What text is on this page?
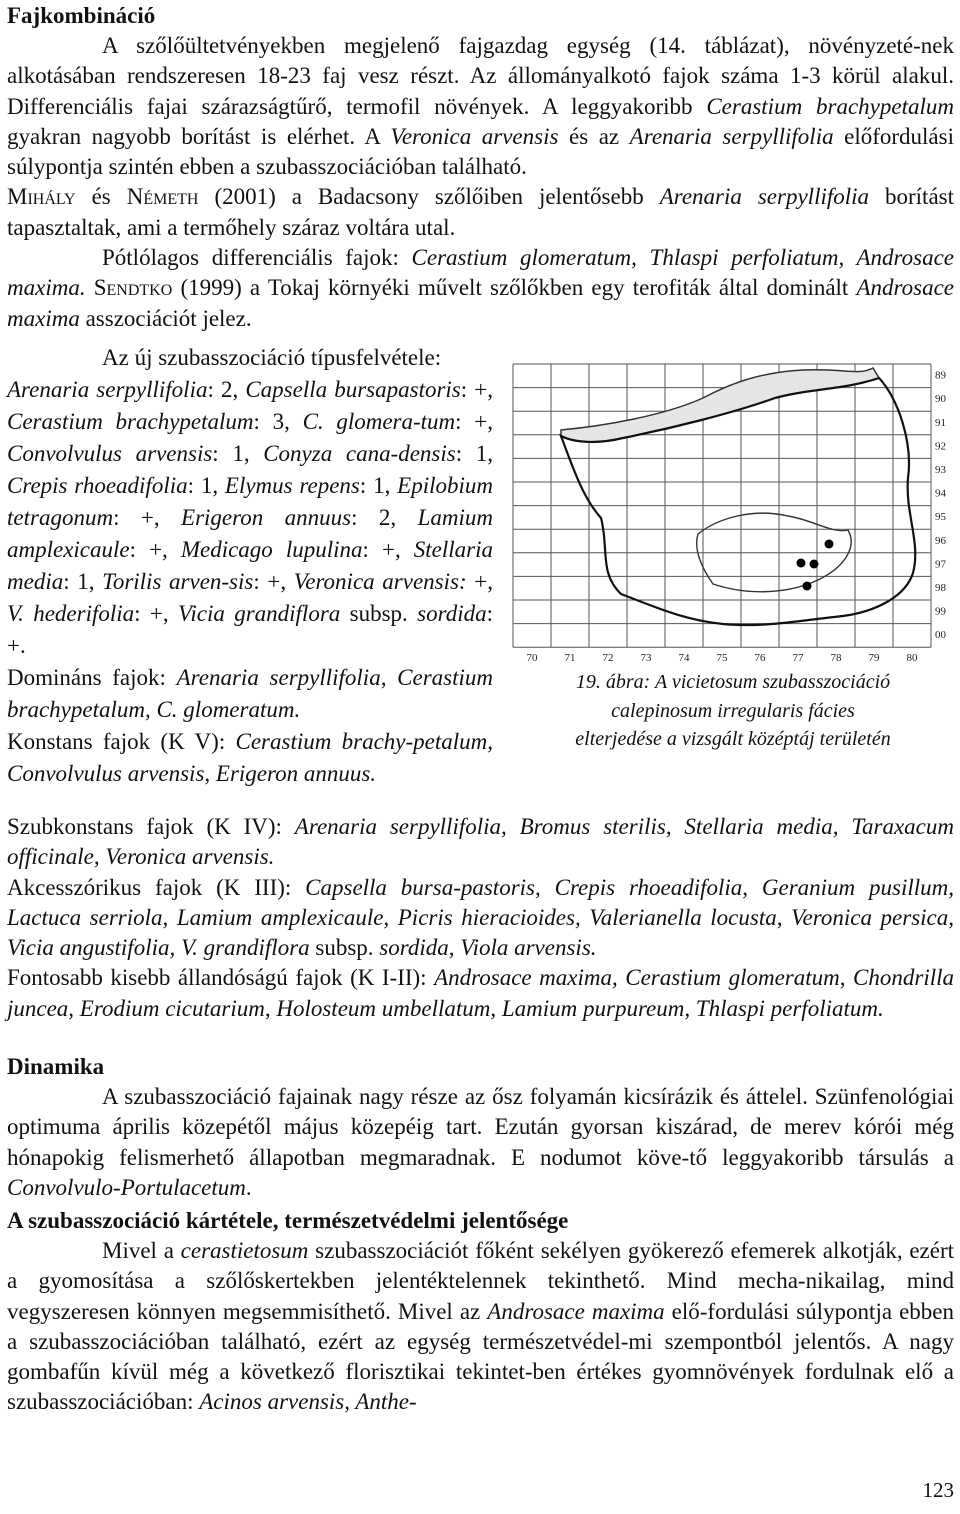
Fajkombináció

A szőlőültetvényekben megjelenő fajgazdag egység (14. táblázat), növényzeté-nek alkotásában rendszeresen 18-23 faj vesz részt. Az állományalkotó fajok száma 1-3 körül alakul. Differenciális fajai szárazságtűrő, termofil növények. A leggyakoribb Cerastium brachypetalum gyakran nagyobb borítást is elérhet. A Veronica arvensis és az Arenaria serpyllifolia előfordulási súlypontja szintén ebben a szubasszociációban található.

Mihály és Németh (2001) a Badacsony szőlőiben jelentősebb Arenaria serpyllifolia borítást tapasztaltak, ami a termőhely száraz voltára utal.

Pótlólagos differenciális fajok: Cerastium glomeratum, Thlaspi perfoliatum, Androsace maxima. Sendtko (1999) a Tokaj környéki művelt szőlőkben egy terofiták által dominált Androsace maxima asszociációt jelez.

Az új szubasszociáció típusfelvétele:

Arenaria serpyllifolia: 2, Capsella bursapastoris: +, Cerastium brachypetalum: 3, C. glomera-tum: +, Convolvulus arvensis: 1, Conyza cana-densis: 1, Crepis rhoeadifolia: 1, Elymus repens: 1, Epilobium tetragonum: +, Erigeron annuus: 2, Lamium amplexicaule: +, Medicago lupulina: +, Stellaria media: 1, Torilis arven-sis: +, Veronica arvensis: +, V. hederifolia: +, Vicia grandiflora subsp. sordida: +.

Domináns fajok: Arenaria serpyllifolia, Cerastium brachypetalum, C. glomeratum.

Konstans fajok (K V): Cerastium brachy-petalum, Convolvulus arvensis, Erigeron annuus.

89
90
91
92
93
94
95
96
97
98
99
00
70 71 72 73 74 75 76 77 78 79 80
19. ábra: A vicietosum szubasszociáció
calepinosum irregularis fácies
elterjedése a vizsgált középtáj területén

Szubkonstans fajok (K IV): Arenaria serpyllifolia, Bromus sterilis, Stellaria media, Taraxacum officinale, Veronica arvensis.

Akcesszórikus fajok (K III): Capsella bursa-pastoris, Crepis rhoeadifolia, Geranium pusillum, Lactuca serriola, Lamium amplexicaule, Picris hieracioides, Valerianella locusta, Veronica persica, Vicia angustifolia, V. grandiflora subsp. sordida, Viola arvensis.

Fontosabb kisebb állandóságú fajok (K I-II): Androsace maxima, Cerastium glomeratum, Chondrilla juncea, Erodium cicutarium, Holosteum umbellatum, Lamium purpureum, Thlaspi perfoliatum.

Dinamika

A szubasszociáció fajainak nagy része az ősz folyamán kicsírázik és áttelel. Szünfenológiai optimuma április közepétől május közepéig tart. Ezután gyorsan kiszárad, de merev kórói még hónapokig felismerhető állapotban megmaradnak. E nodumot köve-tő leggyakoribb társulás a Convolvulo-Portulacetum.

A szubasszociáció kártétele, természetvédelmi jelentősége

Mivel a cerastietosum szubasszociációt főként sekélyen gyökerező efemerek alkotják, ezért a gyomosítása a szőlőskertekben jelentéktelennek tekinthető. Mind mecha-nikailag, mind vegyszeresen könnyen megsemmisíthető. Mivel az Androsace maxima elő-fordulási súlypontja ebben a szubasszociációban található, ezért az egység természetvédel-mi szempontból jelentős. A nagy gombafűn kívül még a következő florisztikai tekintet-ben értékes gyomnövények fordulnak elő a szubasszociációban: Acinos arvensis, Anthe-

123
